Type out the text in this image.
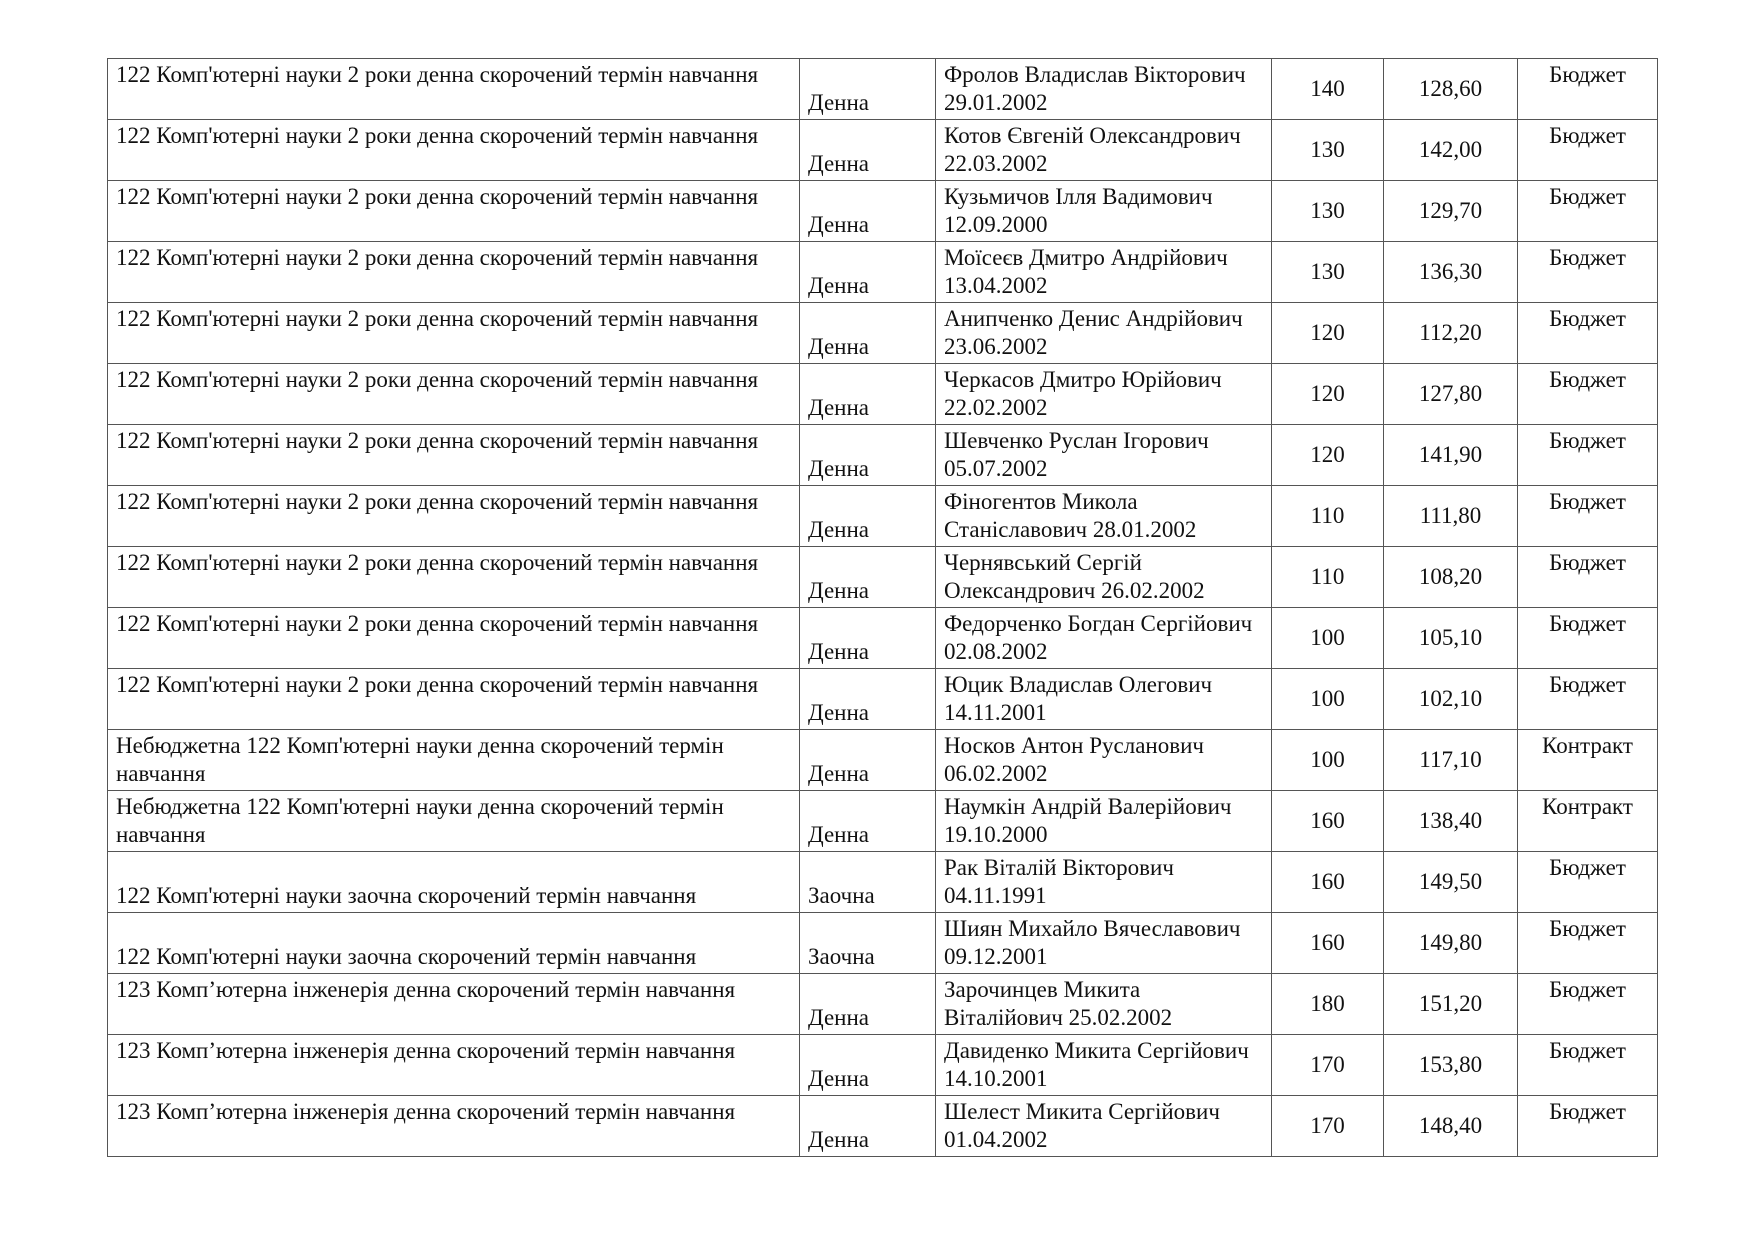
122 Комп'ютерні науки 2 роки денна скорочений термін навчання	Денна	Фролов Владислав Вікторович 29.01.2002	140	128,60	Бюджет
122 Комп'ютерні науки 2 роки денна скорочений термін навчання	Денна	Котов Євгеній Олександрович 22.03.2002	130	142,00	Бюджет
122 Комп'ютерні науки 2 роки денна скорочений термін навчання	Денна	Кузьмичов Ілля Вадимович 12.09.2000	130	129,70	Бюджет
122 Комп'ютерні науки 2 роки денна скорочений термін навчання	Денна	Моїсеєв Дмитро Андрійович 13.04.2002	130	136,30	Бюджет
122 Комп'ютерні науки 2 роки денна скорочений термін навчання	Денна	Анипченко Денис Андрійович 23.06.2002	120	112,20	Бюджет
122 Комп'ютерні науки 2 роки денна скорочений термін навчання	Денна	Черкасов Дмитро Юрійович 22.02.2002	120	127,80	Бюджет
122 Комп'ютерні науки 2 роки денна скорочений термін навчання	Денна	Шевченко Руслан Ігорович 05.07.2002	120	141,90	Бюджет
122 Комп'ютерні науки 2 роки денна скорочений термін навчання	Денна	Фіногентов Микола Станіславович 28.01.2002	110	111,80	Бюджет
122 Комп'ютерні науки 2 роки денна скорочений термін навчання	Денна	Чернявський Сергій Олександрович 26.02.2002	110	108,20	Бюджет
122 Комп'ютерні науки 2 роки денна скорочений термін навчання	Денна	Федорченко Богдан Сергійович 02.08.2002	100	105,10	Бюджет
122 Комп'ютерні науки 2 роки денна скорочений термін навчання	Денна	Юцик Владислав Олегович 14.11.2001	100	102,10	Бюджет
Небюджетна 122 Комп'ютерні науки денна скорочений термін навчання	Денна	Носков Антон Русланович 06.02.2002	100	117,10	Контракт
Небюджетна 122 Комп'ютерні науки денна скорочений термін навчання	Денна	Наумкін Андрій Валерійович 19.10.2000	160	138,40	Контракт
122 Комп'ютерні науки заочна скорочений термін навчання	Заочна	Рак Віталій Вікторович 04.11.1991	160	149,50	Бюджет
122 Комп'ютерні науки заочна скорочений термін навчання	Заочна	Шиян Михайло Вячеславович 09.12.2001	160	149,80	Бюджет
123 Комп’ютерна інженерія денна скорочений термін навчання	Денна	Зарочинцев Микита Віталійович 25.02.2002	180	151,20	Бюджет
123 Комп’ютерна інженерія денна скорочений термін навчання	Денна	Давиденко Микита Сергійович 14.10.2001	170	153,80	Бюджет
123 Комп’ютерна інженерія денна скорочений термін навчання	Денна	Шелест Микита Сергійович 01.04.2002	170	148,40	Бюджет
